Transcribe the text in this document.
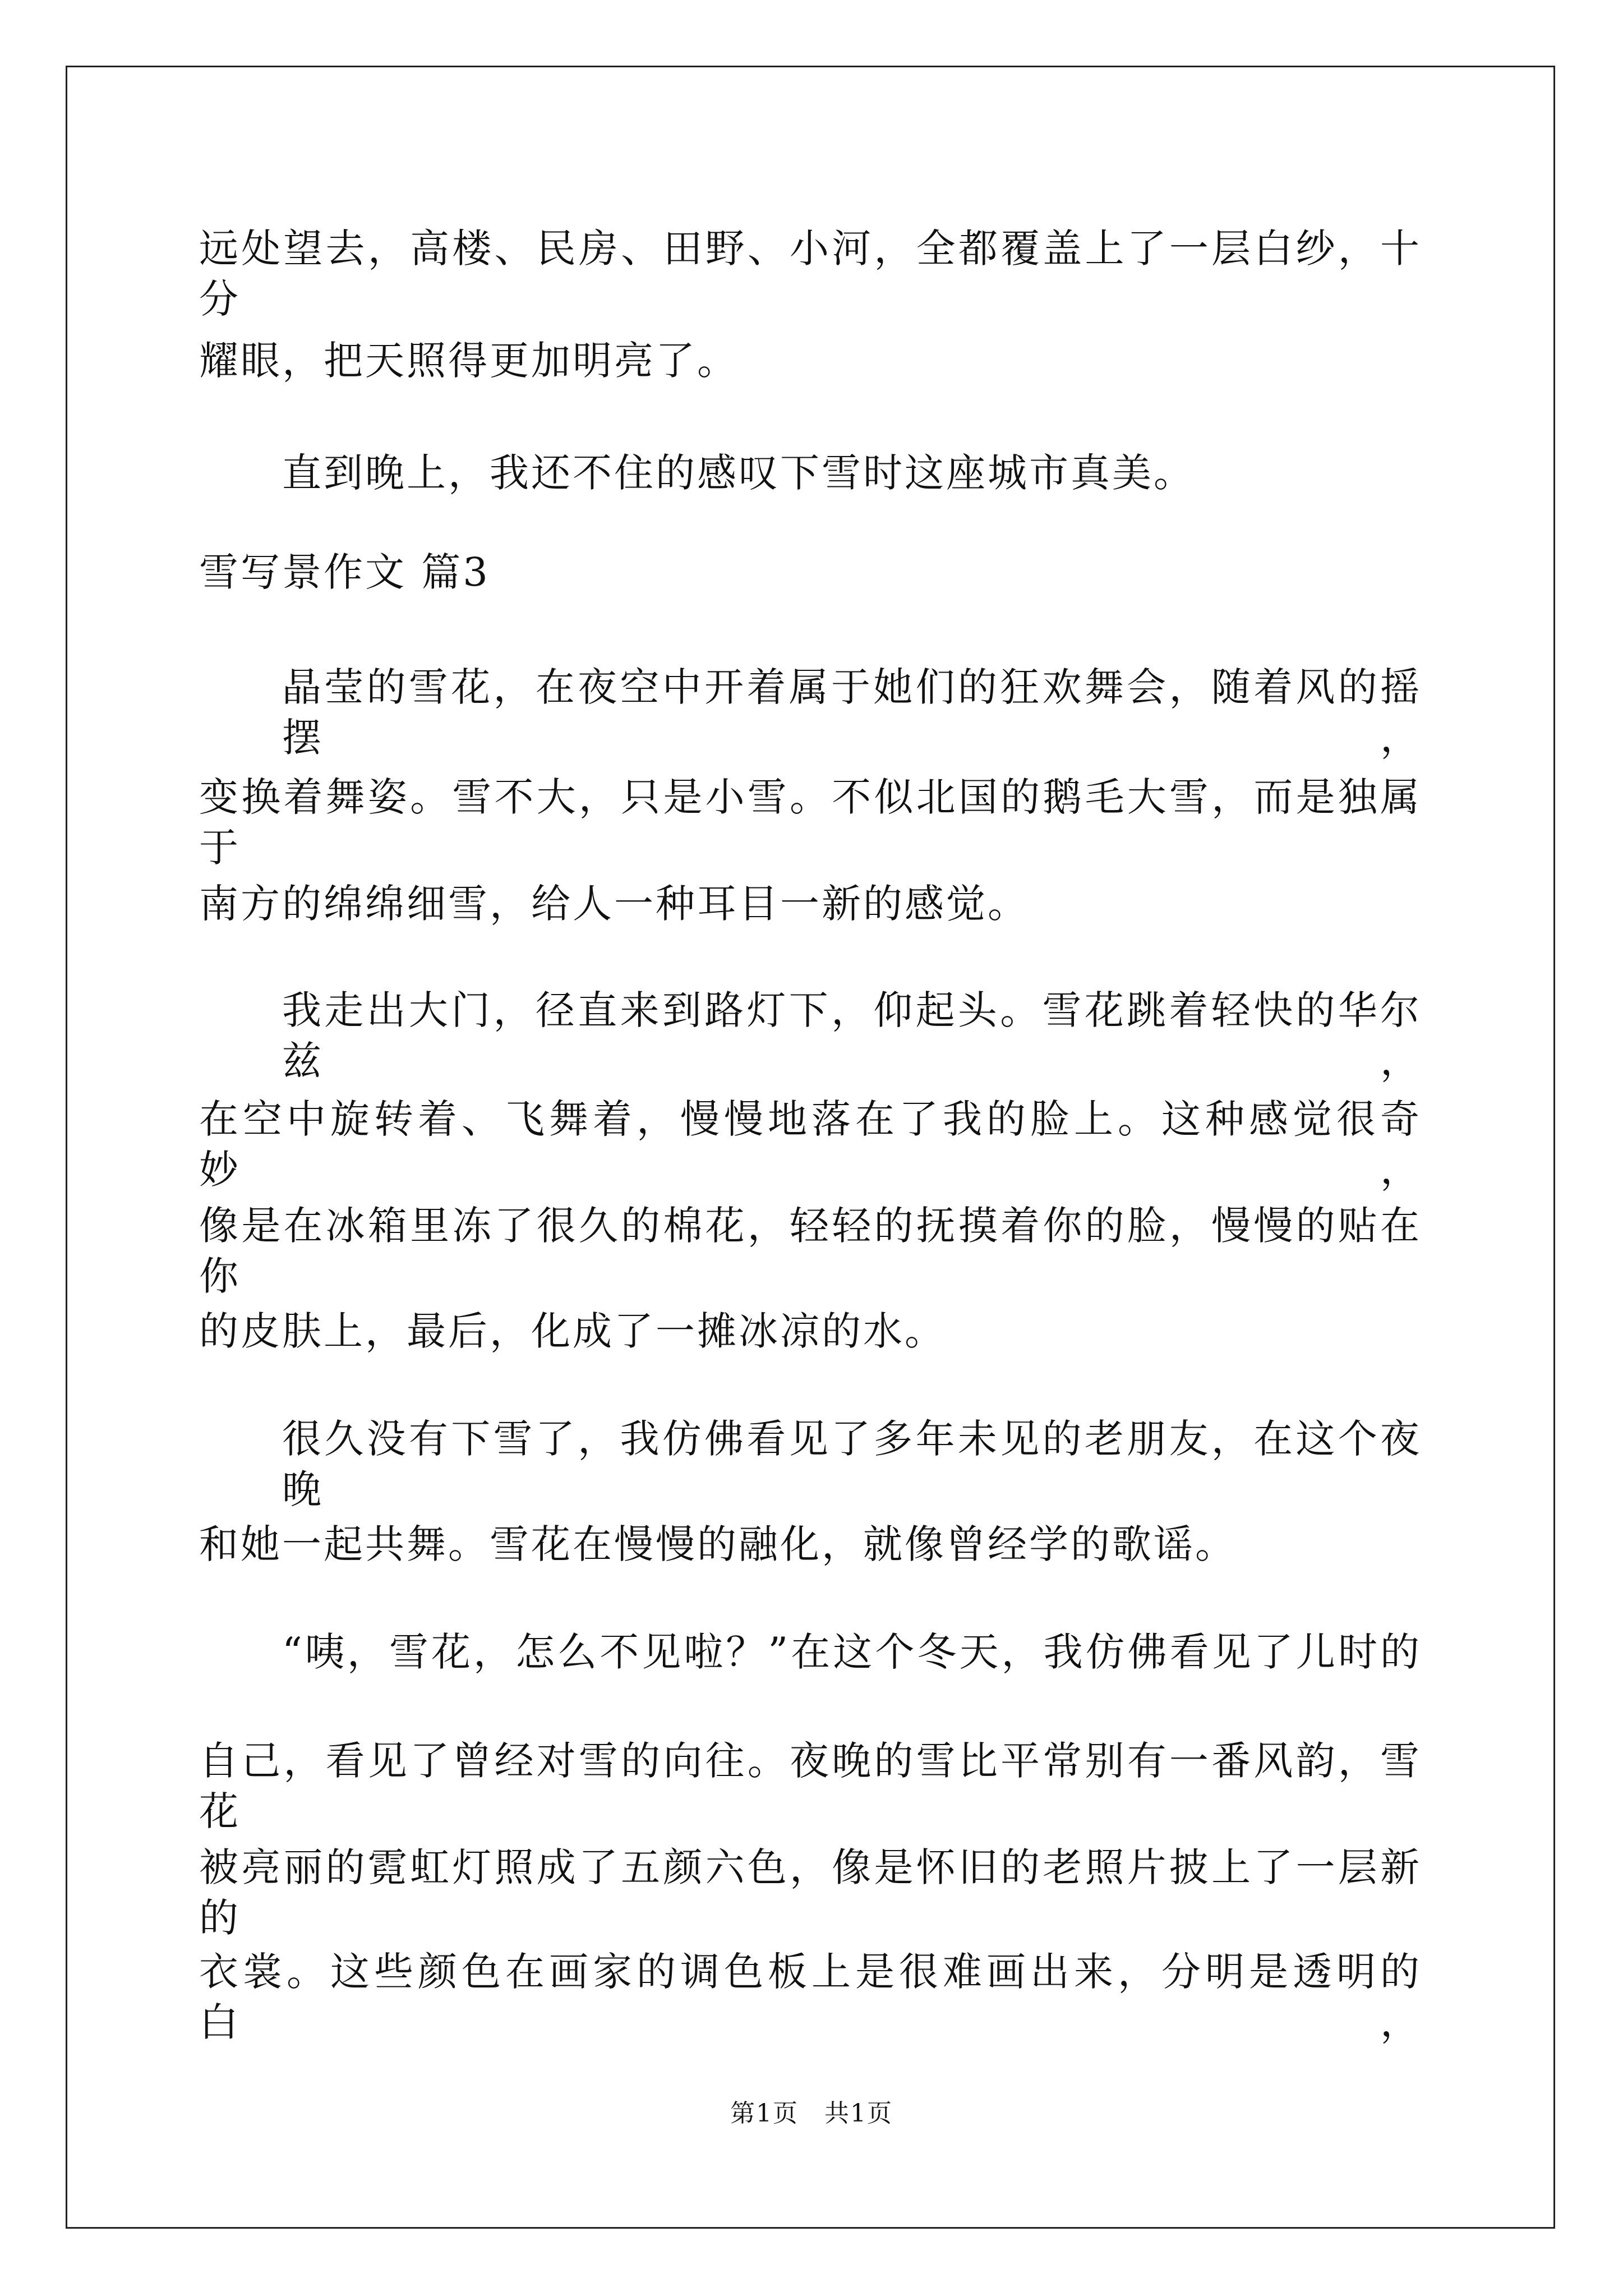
远处望去，高楼、民房、田野、小河，全都覆盖上了一层白纱，十分
耀眼，把天照得更加明亮了。
直到晚上，我还不住的感叹下雪时这座城市真美。
雪写景作文 篇3
晶莹的雪花，在夜空中开着属于她们的狂欢舞会，随着风的摇摆，
变换着舞姿。雪不大，只是小雪。不似北国的鹅毛大雪，而是独属于
南方的绵绵细雪，给人一种耳目一新的感觉。
我走出大门，径直来到路灯下，仰起头。雪花跳着轻快的华尔兹，
在空中旋转着、飞舞着，慢慢地落在了我的脸上。这种感觉很奇妙，
像是在冰箱里冻了很久的棉花，轻轻的抚摸着你的脸，慢慢的贴在你
的皮肤上，最后，化成了一摊冰凉的水。
很久没有下雪了，我仿佛看见了多年未见的老朋友，在这个夜晚
和她一起共舞。雪花在慢慢的融化，就像曾经学的歌谣。
“咦，雪花，怎么不见啦？”在这个冬天，我仿佛看见了儿时的
自己，看见了曾经对雪的向往。夜晚的雪比平常别有一番风韵，雪花
被亮丽的霓虹灯照成了五颜六色，像是怀旧的老照片披上了一层新的
衣裳。这些颜色在画家的调色板上是很难画出来，分明是透明的白，
第1页　共1页
